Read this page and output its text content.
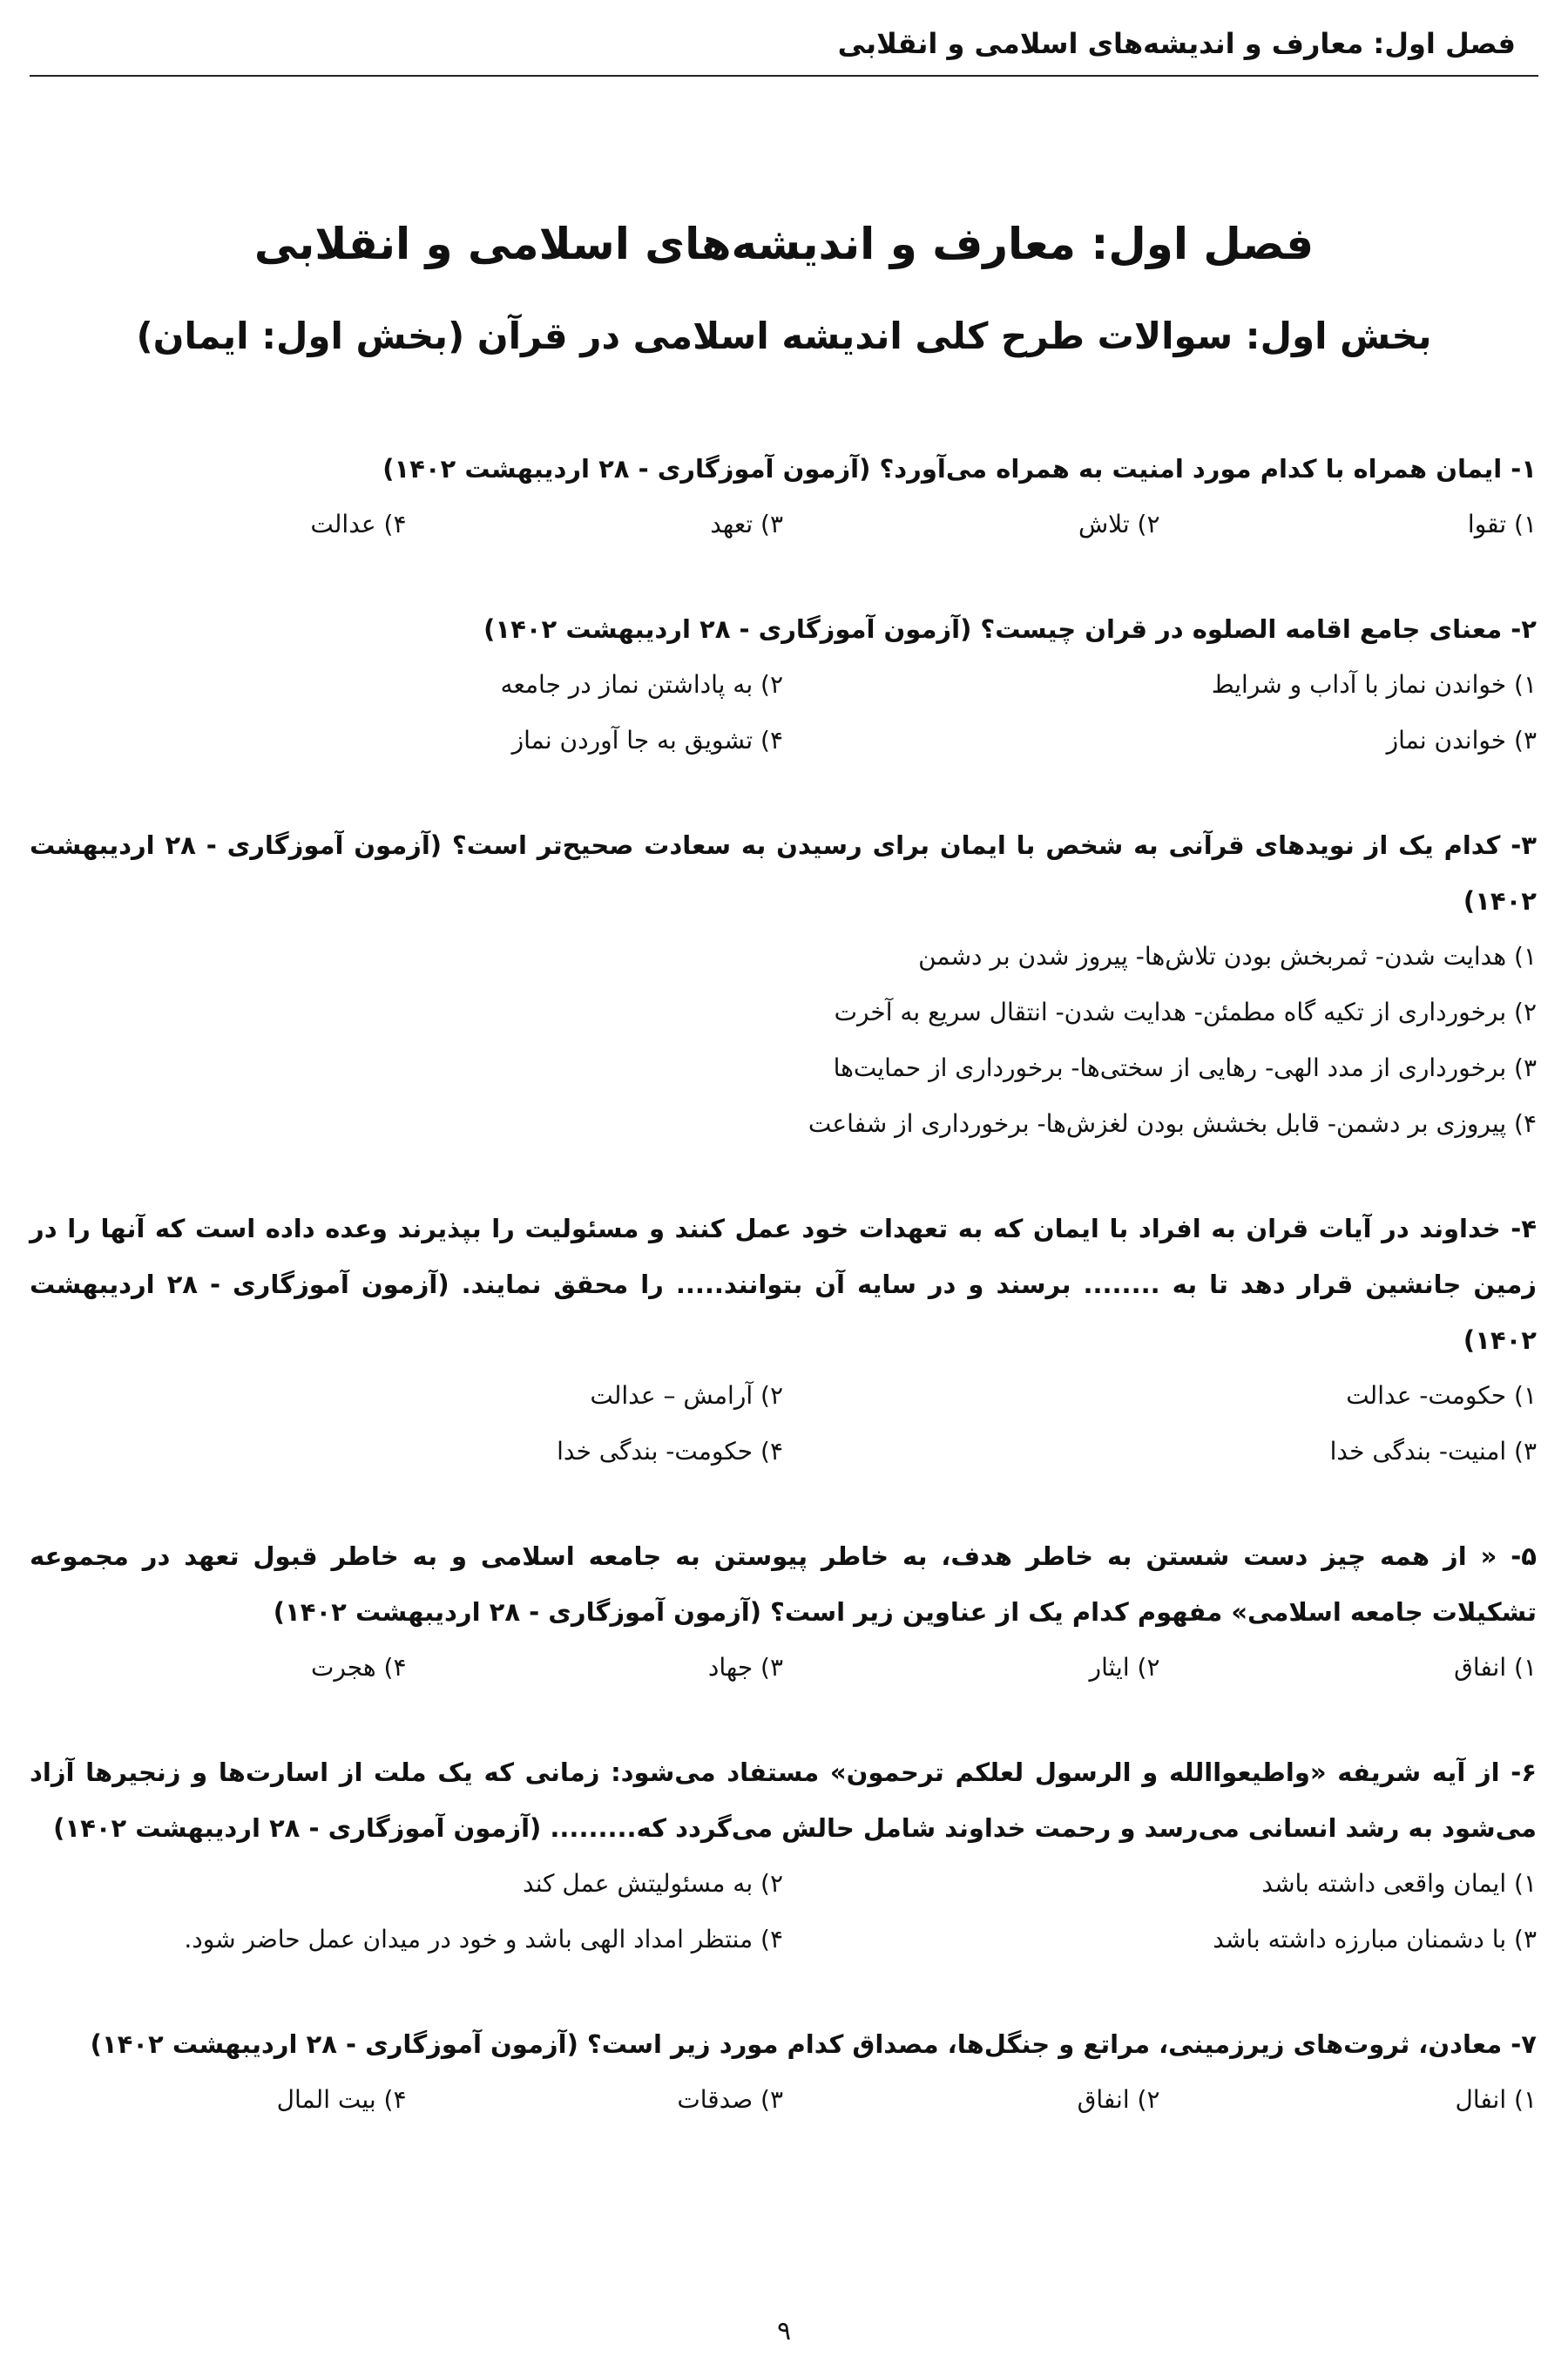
فصل اول: معارف و اندیشه‌های اسلامی و انقلابی
فصل اول: معارف و اندیشه‌های اسلامی و انقلابی
بخش اول: سوالات طرح کلی اندیشه اسلامی در قرآن (بخش اول: ایمان)
۱- ایمان همراه با کدام مورد امنیت به همراه می‌آورد؟ (آزمون آموزگاری - ۲۸ اردیبهشت ۱۴۰۲)
۱) تقوا
۲) تلاش
۳) تعهد
۴) عدالت
۲- معنای جامع اقامه الصلوه در قران چیست؟ (آزمون آموزگاری - ۲۸ اردیبهشت ۱۴۰۲)
۱) خواندن نماز با آداب و شرایط
۲) به پاداشتن نماز در جامعه
۳) خواندن نماز
۴) تشویق به جا آوردن نماز
۳- کدام یک از نویدهای قرآنی به شخص با ایمان برای رسیدن به سعادت صحیح‌تر است؟ (آزمون آموزگاری - ۲۸ اردیبهشت ۱۴۰۲)
۱) هدایت شدن- ثمربخش بودن تلاش‌ها- پیروز شدن بر دشمن
۲) برخورداری از تکیه گاه مطمئن- هدایت شدن- انتقال سریع به آخرت
۳) برخورداری از مدد الهی- رهایی از سختی‌ها- برخورداری از حمایت‌ها
۴) پیروزی بر دشمن- قابل بخشش بودن لغزش‌ها- برخورداری از شفاعت
۴- خداوند در آیات قران به افراد با ایمان که به تعهدات خود عمل کنند و مسئولیت را بپذیرند وعده داده است که آنها را در زمین جانشین قرار دهد تا به ........ برسند و در سایه آن بتوانند..... را محقق نمایند. (آزمون آموزگاری - ۲۸ اردیبهشت ۱۴۰۲)
۱) حکومت- عدالت
۲) آرامش – عدالت
۳) امنیت- بندگی خدا
۴) حکومت- بندگی خدا
۵- « از همه چیز دست شستن به خاطر هدف، به خاطر پیوستن به جامعه اسلامی و به خاطر قبول تعهد در مجموعه تشکیلات جامعه اسلامی» مفهوم کدام یک از عناوین زیر است؟ (آزمون آموزگاری - ۲۸ اردیبهشت ۱۴۰۲)
۱) انفاق
۲) ایثار
۳) جهاد
۴) هجرت
۶- از آیه شریفه «واطیعواالله و الرسول لعلکم ترحمون» مستفاد می‌شود: زمانی که یک ملت از اسارت‌ها و زنجیرها آزاد می‌شود به رشد انسانی می‌رسد و رحمت خداوند شامل حالش می‌گردد که......... (آزمون آموزگاری - ۲۸ اردیبهشت ۱۴۰۲)
۱) ایمان واقعی داشته باشد
۲) به مسئولیتش عمل کند
۳) با دشمنان مبارزه داشته باشد
۴) منتظر امداد الهی باشد و خود در میدان عمل حاضر شود.
۷- معادن، ثروت‌های زیرزمینی، مراتع و جنگل‌ها، مصداق کدام مورد زیر است؟ (آزمون آموزگاری - ۲۸ اردیبهشت ۱۴۰۲)
۱) انفال
۲) انفاق
۳) صدقات
۴) بیت المال
۹
